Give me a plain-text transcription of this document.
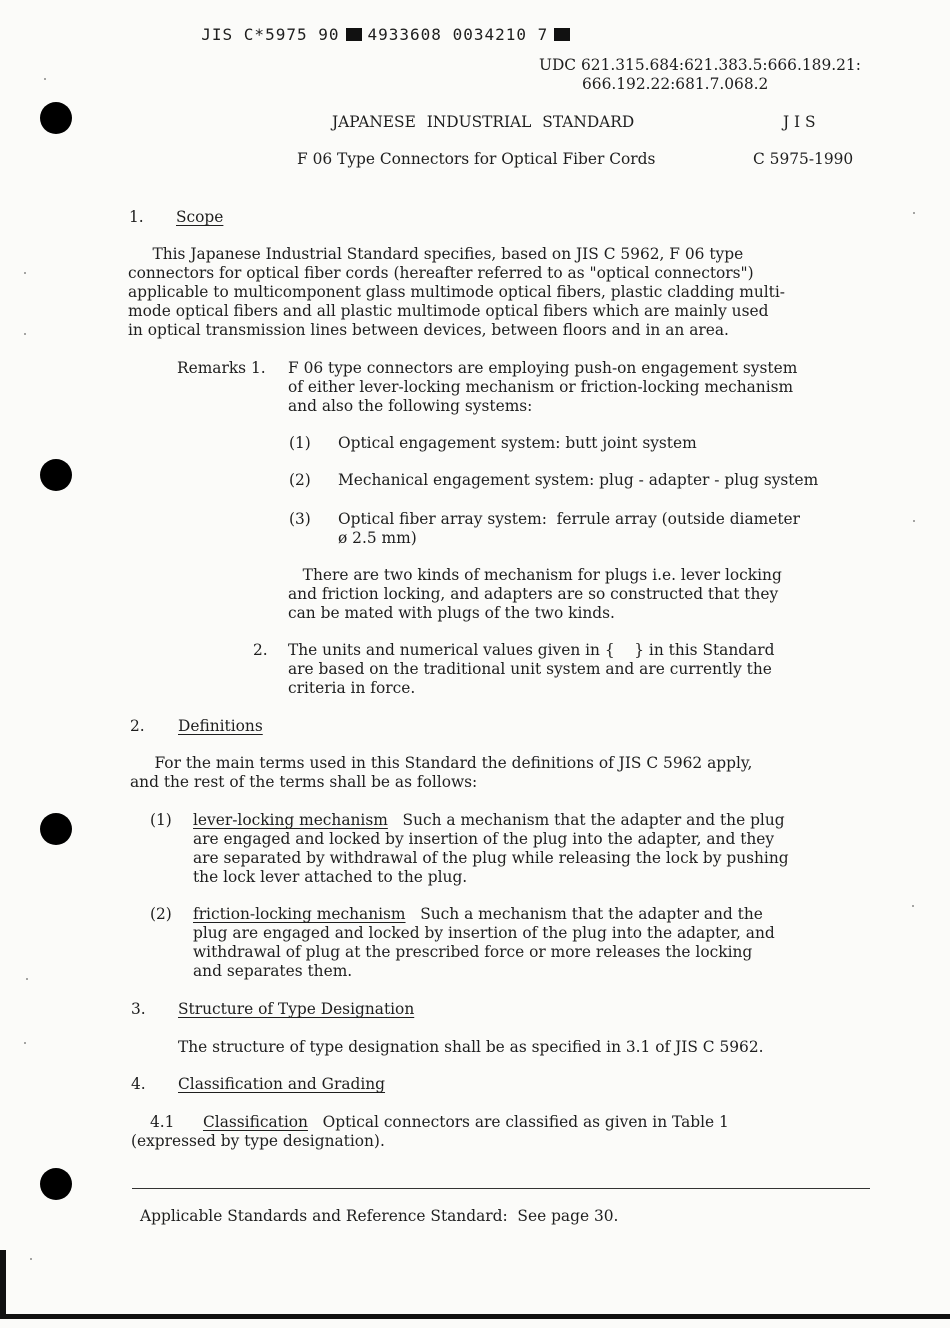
JIS C*5975 90 4933608 0034210 7

UDC 621.315.684:621.383.5:666.189.21:
666.192.22:681.7.068.2
JAPANESE INDUSTRIAL STANDARD	J I S
F 06 Type Connectors for Optical Fiber Cords	C 5975-1990
1. Scope
This Japanese Industrial Standard specifies, based on JIS C 5962, F 06 type
connectors for optical fiber cords (hereafter referred to as "optical connectors")
applicable to multicomponent glass multimode optical fibers, plastic cladding multi-
mode optical fibers and all plastic multimode optical fibers which are mainly used
in optical transmission lines between devices, between floors and in an area.
Remarks 1. F 06 type connectors are employing push-on engagement system
of either lever-locking mechanism or friction-locking mechanism
and also the following systems:
(1) Optical engagement system: butt joint system
(2) Mechanical engagement system: plug - adapter - plug system
(3) Optical fiber array system:  ferrule array (outside diameter
ø 2.5 mm)
There are two kinds of mechanism for plugs i.e. lever locking
and friction locking, and adapters are so constructed that they
can be mated with plugs of the two kinds.
2. The units and numerical values given in {    } in this Standard
are based on the traditional unit system and are currently the
criteria in force.
2. Definitions
For the main terms used in this Standard the definitions of JIS C 5962 apply,
and the rest of the terms shall be as follows:
(1) lever-locking mechanism   Such a mechanism that the adapter and the plug
are engaged and locked by insertion of the plug into the adapter, and they
are separated by withdrawal of the plug while releasing the lock by pushing
the lock lever attached to the plug.
(2) friction-locking mechanism   Such a mechanism that the adapter and the
plug are engaged and locked by insertion of the plug into the adapter, and
withdrawal of plug at the prescribed force or more releases the locking
and separates them.
3. Structure of Type Designation
The structure of type designation shall be as specified in 3.1 of JIS C 5962.
4. Classification and Grading
4.1 Classification   Optical connectors are classified as given in Table 1
(expressed by type designation).
Applicable Standards and Reference Standard:  See page 30.
